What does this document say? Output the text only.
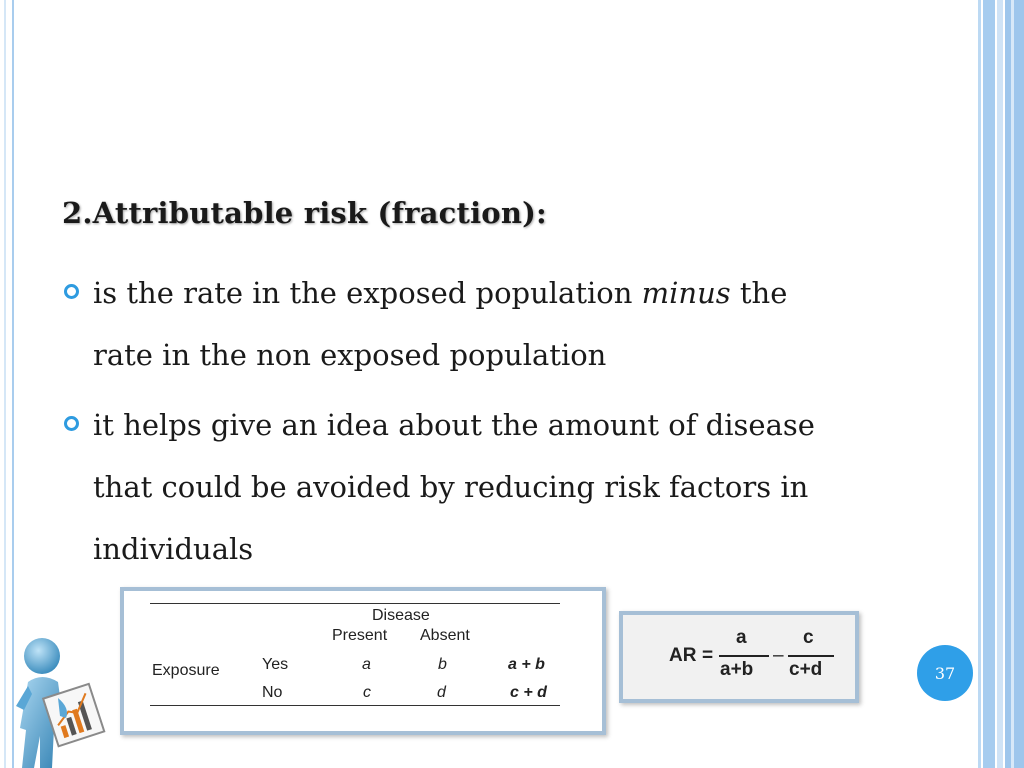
2.Attributable risk (fraction):
is the rate in the exposed population minus the
rate in the non exposed population
it helps give an idea about the amount of disease
that could be avoided by reducing risk factors in
individuals
Disease
Present Absent
Exposure	Yes	a	b	a + b
No	c	d	c + d
AR =
a
a+b
–
c
c+d	37
